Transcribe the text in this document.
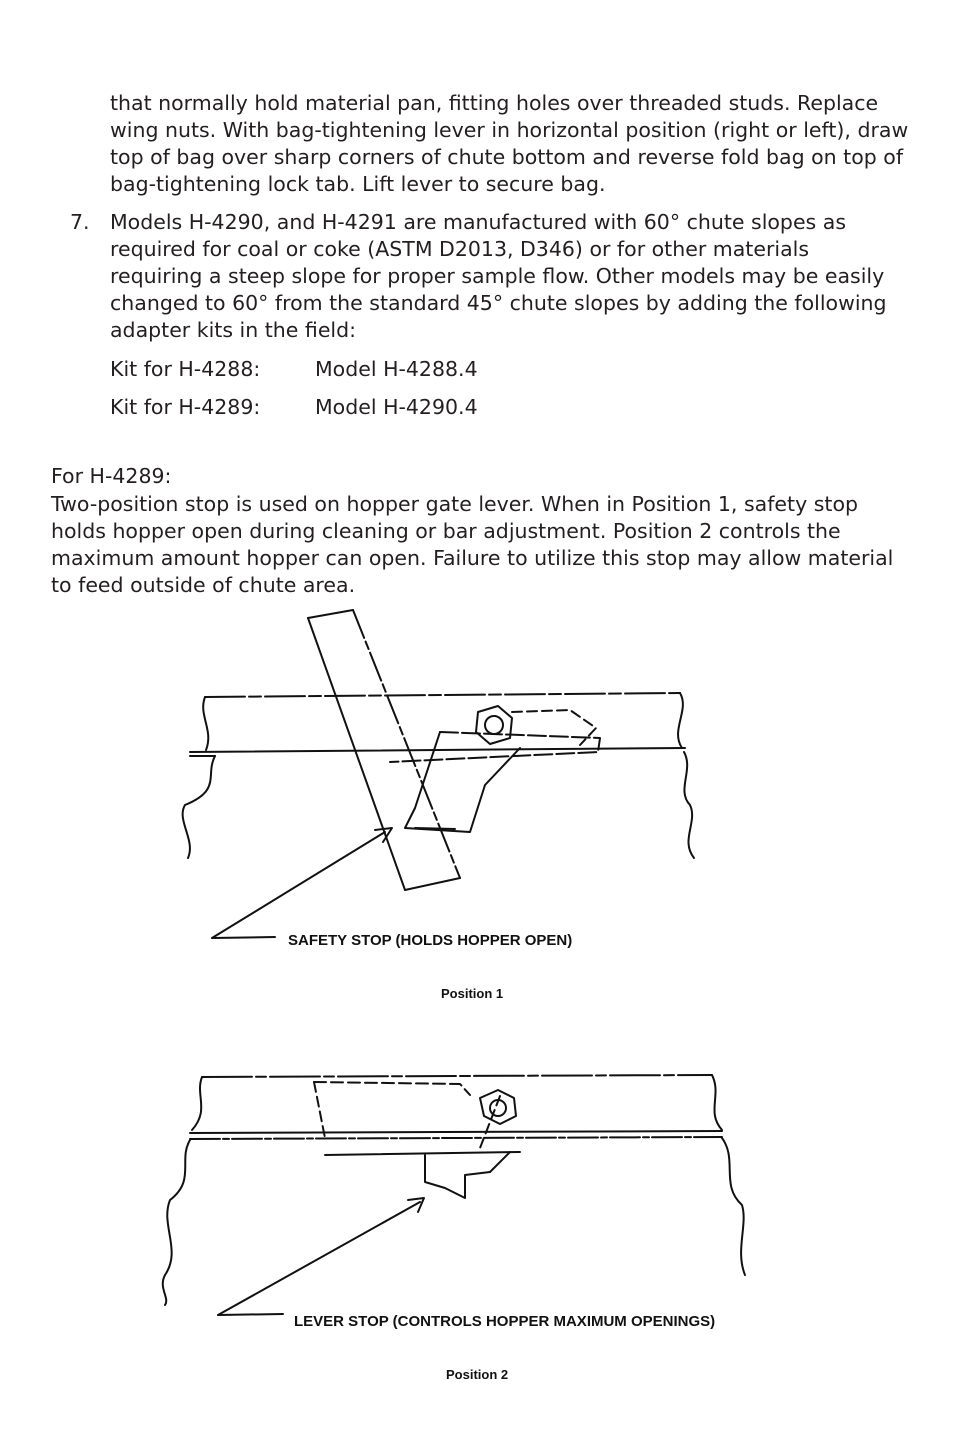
that normally hold material pan, fitting holes over threaded studs. Replace wing nuts. With bag-tightening lever in horizontal position (right or left), draw top of bag over sharp corners of chute bottom and reverse fold bag on top of bag-tightening lock tab. Lift lever to secure bag.
7. Models H-4290, and H-4291 are manufactured with 60° chute slopes as required for coal or coke (ASTM D2013, D346) or for other materials requiring a steep slope for proper sample flow. Other models may be easily changed to 60° from the standard 45° chute slopes by adding the following adapter kits in the field:
Kit for H-4288:	Model H-4288.4
Kit for H-4289:	Model H-4290.4
For H-4289:
Two-position stop is used on hopper gate lever. When in Position 1, safety stop holds hopper open during cleaning or bar adjustment. Position 2 controls the maximum amount hopper can open. Failure to utilize this stop may allow material to feed outside of chute area.
SAFETY STOP (HOLDS HOPPER OPEN)
Position 1
LEVER STOP (CONTROLS HOPPER MAXIMUM OPENINGS)
Position 2
